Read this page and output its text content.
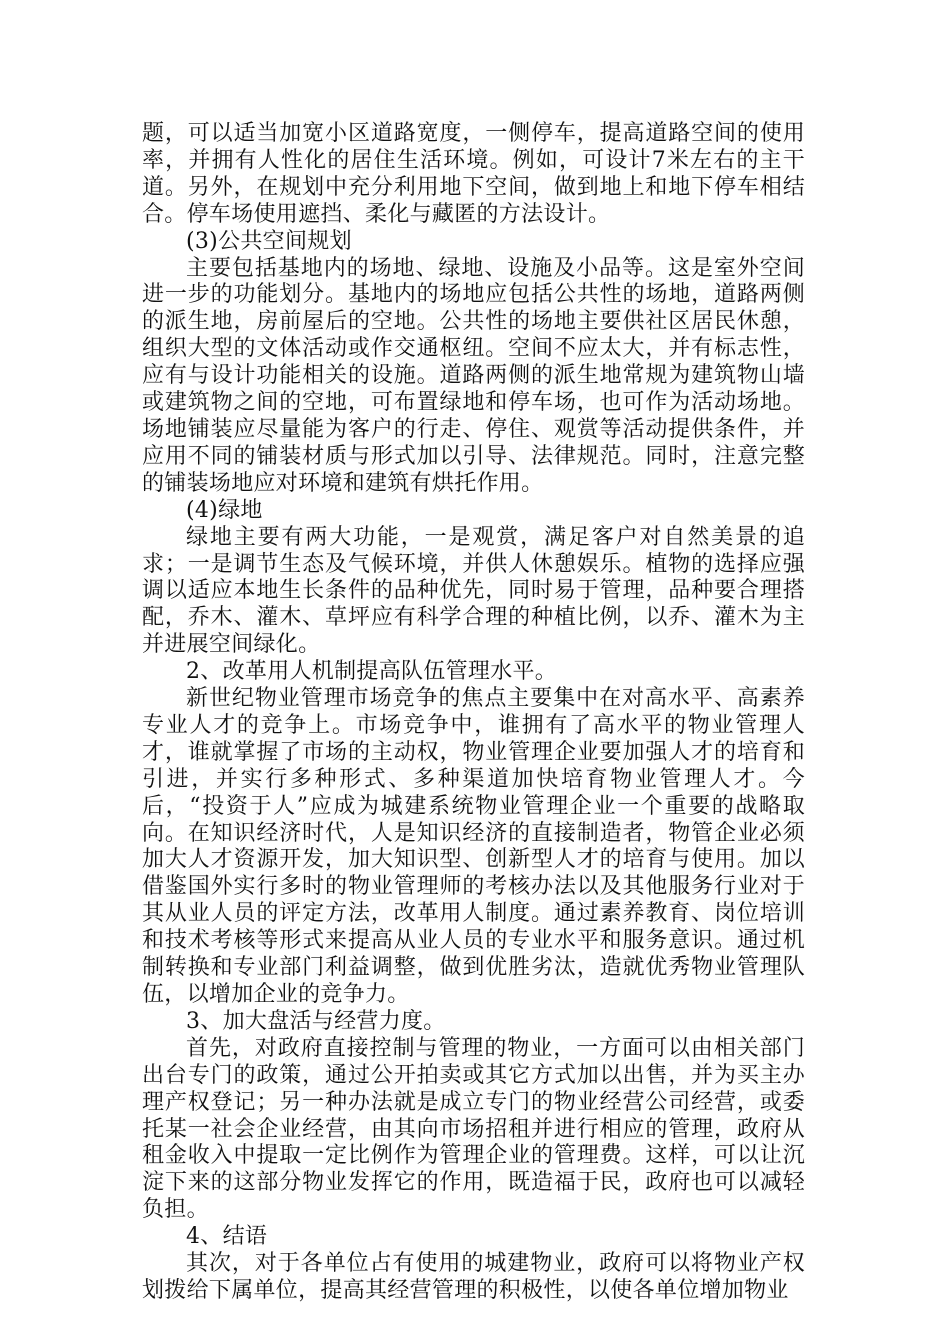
题，可以适当加宽小区道路宽度，一侧停车，提高道路空间的使用率，并拥有人性化的居住生活环境。例如，可设计7米左右的主干道。另外，在规划中充分利用地下空间，做到地上和地下停车相结合。停车场使用遮挡、柔化与藏匿的方法设计。

(3)公共空间规划

主要包括基地内的场地、绿地、设施及小品等。这是室外空间进一步的功能划分。基地内的场地应包括公共性的场地，道路两侧的派生地，房前屋后的空地。公共性的场地主要供社区居民休憩，组织大型的文体活动或作交通枢纽。空间不应太大，并有标志性，应有与设计功能相关的设施。道路两侧的派生地常规为建筑物山墙或建筑物之间的空地，可布置绿地和停车场，也可作为活动场地。场地铺装应尽量能为客户的行走、停住、观赏等活动提供条件，并应用不同的铺装材质与形式加以引导、法律规范。同时，注意完整的铺装场地应对环境和建筑有烘托作用。

(4)绿地

绿地主要有两大功能，一是观赏，满足客户对自然美景的追求；一是调节生态及气候环境，并供人休憩娱乐。植物的选择应强调以适应本地生长条件的品种优先，同时易于管理，品种要合理搭配，乔木、灌木、草坪应有科学合理的种植比例，以乔、灌木为主并进展空间绿化。

2、改革用人机制提高队伍管理水平。

新世纪物业管理市场竞争的焦点主要集中在对高水平、高素养专业人才的竞争上。市场竞争中，谁拥有了高水平的物业管理人才，谁就掌握了市场的主动权，物业管理企业要加强人才的培育和引进，并实行多种形式、多种渠道加快培育物业管理人才。今后，“投资于人”应成为城建系统物业管理企业一个重要的战略取向。在知识经济时代，人是知识经济的直接制造者，物管企业必须加大人才资源开发，加大知识型、创新型人才的培育与使用。加以借鉴国外实行多时的物业管理师的考核办法以及其他服务行业对于其从业人员的评定方法，改革用人制度。通过素养教育、岗位培训和技术考核等形式来提高从业人员的专业水平和服务意识。通过机制转换和专业部门利益调整，做到优胜劣汰，造就优秀物业管理队伍，以增加企业的竞争力。

3、加大盘活与经营力度。

首先，对政府直接控制与管理的物业，一方面可以由相关部门出台专门的政策，通过公开拍卖或其它方式加以出售，并为买主办理产权登记；另一种办法就是成立专门的物业经营公司经营，或委托某一社会企业经营，由其向市场招租并进行相应的管理，政府从租金收入中提取一定比例作为管理企业的管理费。这样，可以让沉淀下来的这部分物业发挥它的作用，既造福于民，政府也可以减轻负担。

4、结语

其次，对于各单位占有使用的城建物业，政府可以将物业产权划拨给下属单位，提高其经营管理的积极性，以使各单位增加物业
